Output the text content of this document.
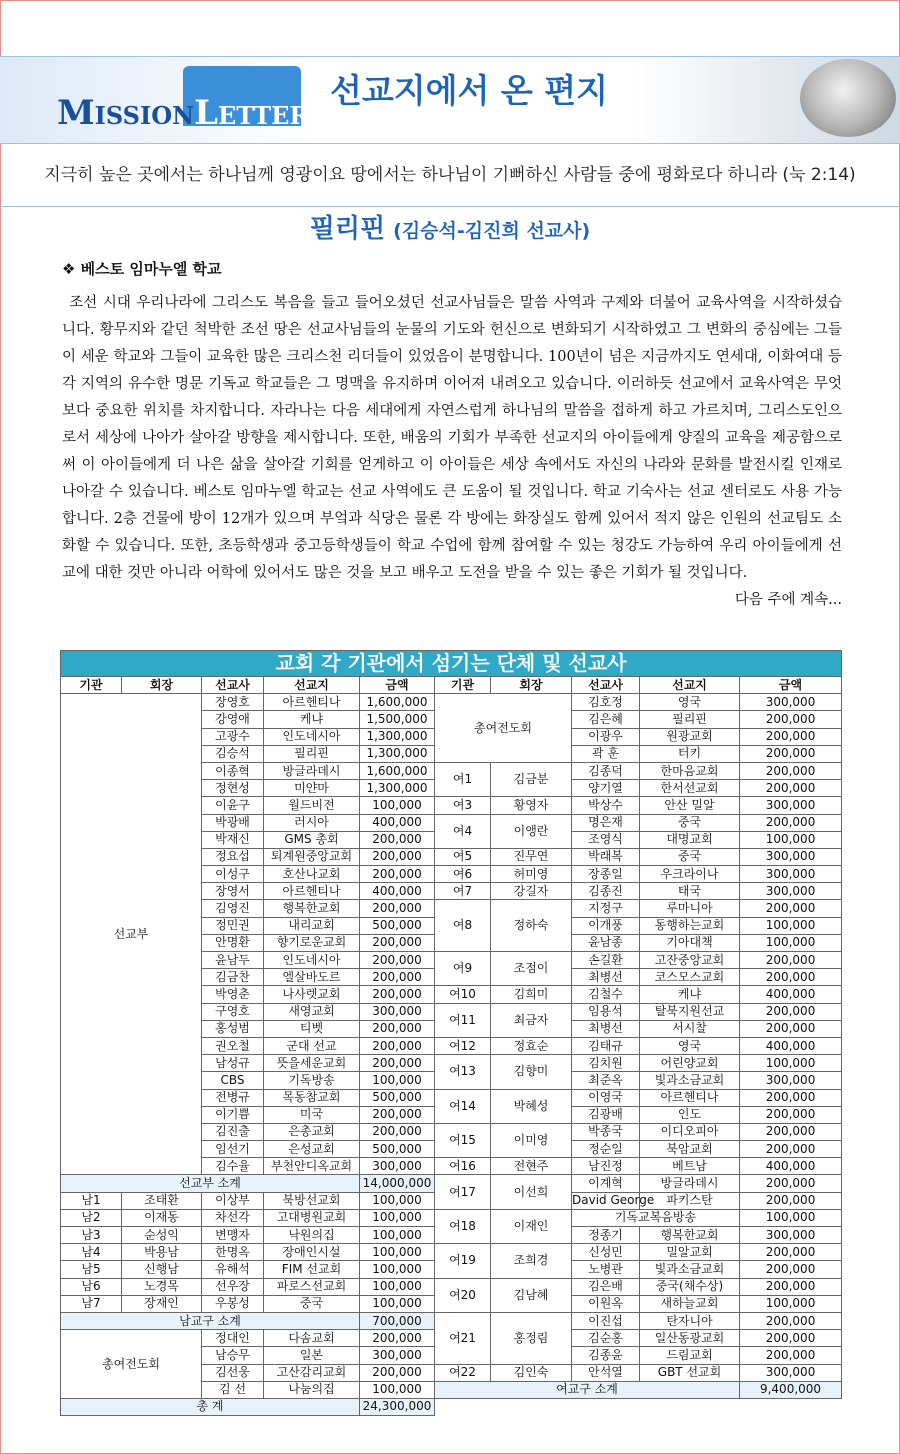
MISSIONLETTER
선교지에서 온 편지
지극히 높은 곳에서는 하나님께 영광이요 땅에서는 하나님이 기뻐하신 사람들 중에 평화로다 하니라 (눅 2:14)
필리핀 (김승석-김진희 선교사)
❖ 베스토 임마누엘 학교
조선 시대 우리나라에 그리스도 복음을 들고 들어오셨던 선교사님들은 말씀 사역과 구제와 더불어 교육사역을 시작하셨습니다. 황무지와 같던 척박한 조선 땅은 선교사님들의 눈물의 기도와 헌신으로 변화되기 시작하였고 그 변화의 중심에는 그들이 세운 학교와 그들이 교육한 많은 크리스천 리더들이 있었음이 분명합니다. 100년이 넘은 지금까지도 연세대, 이화여대 등 각 지역의 유수한 명문 기독교 학교들은 그 명맥을 유지하며 이어져 내려오고 있습니다. 이러하듯 선교에서 교육사역은 무엇보다 중요한 위치를 차지합니다. 자라나는 다음 세대에게 자연스럽게 하나님의 말씀을 접하게 하고 가르치며, 그리스도인으로서 세상에 나아가 살아갈 방향을 제시합니다. 또한, 배움의 기회가 부족한 선교지의 아이들에게 양질의 교육을 제공함으로써 이 아이들에게 더 나은 삶을 살아갈 기회를 얻게하고 이 아이들은 세상 속에서도 자신의 나라와 문화를 발전시킬 인재로 나아갈 수 있습니다. 베스토 임마누엘 학교는 선교 사역에도 큰 도움이 될 것입니다. 학교 기숙사는 선교 센터로도 사용 가능합니다. 2층 건물에 방이 12개가 있으며 부엌과 식당은 물론 각 방에는 화장실도 함께 있어서 적지 않은 인원의 선교팀도 소화할 수 있습니다. 또한, 초등학생과 중고등학생들이 학교 수업에 함께 참여할 수 있는 청강도 가능하여 우리 아이들에게 선교에 대한 것만 아니라 어학에 있어서도 많은 것을 보고 배우고 도전을 받을 수 있는 좋은 기회가 될 것입니다.
다음 주에 계속...
교회 각 기관에서 섬기는 단체 및 선교사									
기관	회장	선교사	선교지	금액	기관	회장	선교사	선교지	금액
선교부		장영호	아르헨티나	1,600,000	총여전도회		김호정	영국	300,000
		강영애	케냐	1,500,000			김은혜	필리핀	200,000
		고광수	인도네시아	1,300,000			이광우	원광교회	200,000
		김승석	필리핀	1,300,000			곽 훈	터키	200,000
		이종혁	방글라데시	1,600,000	여1	김금분	김종덕	한마음교회	200,000
		정현성	미얀마	1,300,000			양기열	한서선교회	200,000
		이윤구	월드비전	100,000	여3	황영자	박상수	안산 밀알	300,000
		박광배	러시아	400,000	여4	이앵란	명은재	중국	200,000
		박재신	GMS 총회	200,000			조영식	대명교회	100,000
		정요섭	퇴계원중앙교회	200,000	여5	진무연	박래복	중국	300,000
		이성구	호산나교회	200,000	여6	허미영	장종일	우크라이나	300,000
		장영서	아르헨티나	400,000	여7	강길자	김종진	태국	300,000
		김영진	행복한교회	200,000	여8	정하숙	지정구	루마니아	200,000
		정민권	내리교회	500,000			이개풍	동행하는교회	100,000
		안명환	향기로운교회	200,000			윤남종	기아대책	100,000
		윤남두	인도네시아	200,000	여9	조점이	손길환	고잔중앙교회	200,000
		김금찬	엘살바도르	200,000			최병선	코스모스교회	200,000
		박영춘	나사렛교회	200,000	여10	김희미	김철수	케냐	400,000
		구영호	새영교회	300,000	여11	최금자	임용석	탈북지원선교	200,000
		홍성범	티벳	200,000			최병선	서시찰	200,000
		권오철	군대 선교	200,000	여12	정효순	김태규	영국	400,000
		남성규	뜻을세운교회	200,000	여13	김향미	김치원	어린양교회	100,000
		CBS	기독방송	100,000			최준옥	빛과소금교회	300,000
		전병규	목동참교회	500,000	여14	박혜성	이영국	아르헨티나	200,000
		이기쁨	미국	200,000			김광배	인도	200,000
		김진출	은총교회	200,000	여15	이미영	박종국	이디오피아	200,000
		임선기	은성교회	500,000			정순일	북암교회	200,000
		김수율	부천안디옥교회	300,000	여16	전현주	남진정	베트남	400,000
선교부 소계				14,000,000	여17	이선희	이계혁	방글라데시	200,000
남1	조태환	이상부	북방선교회	100,000			David George	파키스탄	200,000
남2	이재동	차선각	고대병원교회	100,000	여18	이재인	기독교복음방송		100,000
남3	순성익	변맹자	낙원의집	100,000			정종기	행복한교회	300,000
남4	박용남	한명옥	장애인시설	100,000	여19	조희경	신성민	밀알교회	200,000
남5	신행남	유해석	FIM 선교회	100,000			노병관	빛과소금교회	200,000
남6	노경목	선우장	파로스선교회	100,000	여20	김남혜	김은배	중국(채수상)	200,000
남7	장재인	우봉성	중국	100,000			이원옥	새하늘교회	100,000
남교구 소계				700,000	여21	홍정림	이진섭	탄자니아	200,000
총여전도회		정대인	다솜교회	200,000			김순홍	일산동광교회	200,000
		남승무	일본	300,000			김종윤	드림교회	200,000
		김선웅	고산감리교회	200,000	여22	김인숙	안석열	GBT 선교회	300,000
		김 선	나눔의집	100,000	여교구 소계				9,400,000
총 계				24,300,000					
